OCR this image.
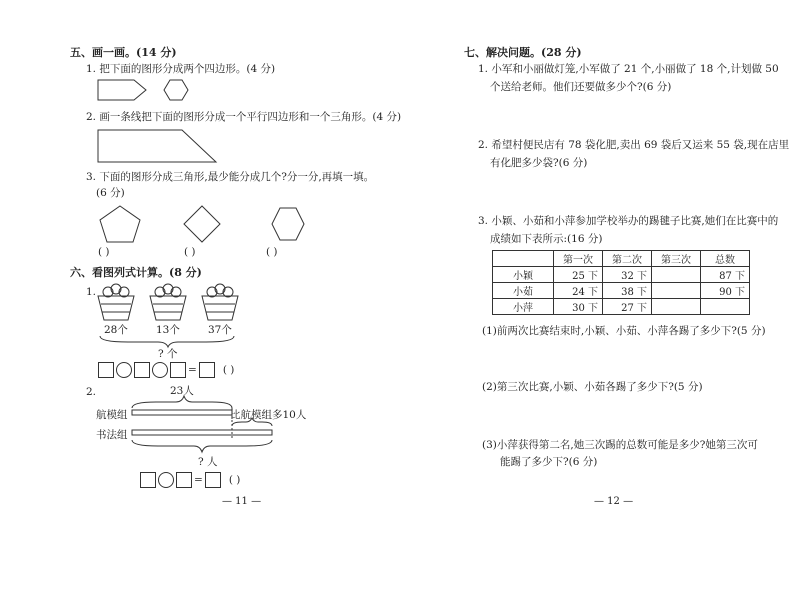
五、画一画。(14 分)
1. 把下面的图形分成两个四边形。(4 分)
2. 画一条线把下面的图形分成一个平行四边形和一个三角形。(4 分)
3. 下面的图形分成三角形,最少能分成几个?分一分,再填一填。
(6 分)
( )	( )	( )
六、看图列式计算。(8 分)
1.
28个	13个	37个
? 个
= ( )
2.	23人
航模组
书法组
比航模组多10人
? 人
= ( )
— 11 —
七、解决问题。(28 分)
1. 小军和小丽做灯笼,小军做了 21 个,小丽做了 18 个,计划做 50
个送给老师。他们还要做多少个?(6 分)
2. 希望村便民店有 78 袋化肥,卖出 69 袋后又运来 55 袋,现在店里
有化肥多少袋?(6 分)
3. 小颖、小茹和小萍参加学校举办的踢毽子比赛,她们在比赛中的
成绩如下表所示:(16 分)
	第一次	第二次	第三次	总数
小颖	25 下	32 下		87 下
小茹	24 下	38 下		90 下
小萍	30 下	27 下		
(1)前两次比赛结束时,小颖、小茹、小萍各踢了多少下?(5 分)
(2)第三次比赛,小颖、小茹各踢了多少下?(5 分)
(3)小萍获得第二名,她三次踢的总数可能是多少?她第三次可
能踢了多少下?(6 分)
— 12 —
